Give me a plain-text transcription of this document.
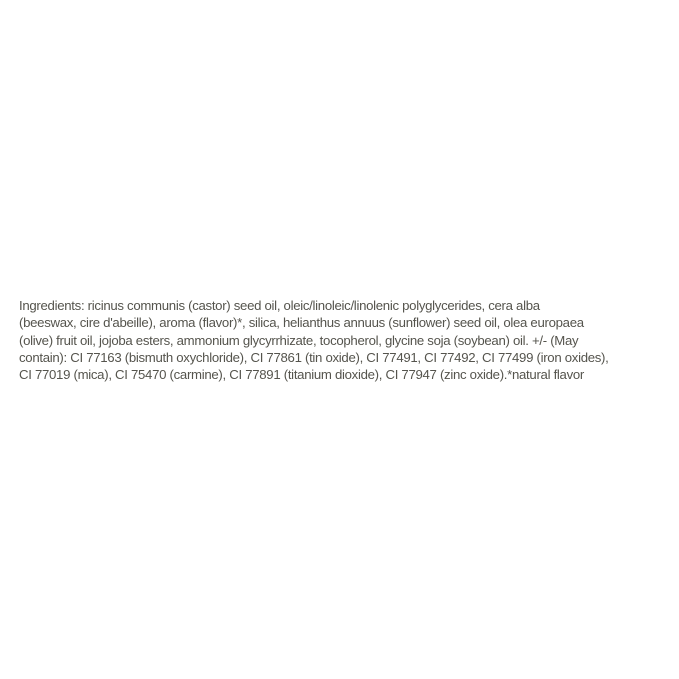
Ingredients: ricinus communis (castor) seed oil, oleic/linoleic/linolenic polyglycerides, cera alba
(beeswax, cire d'abeille), aroma (flavor)*, silica, helianthus annuus (sunflower) seed oil, olea europaea
(olive) fruit oil, jojoba esters, ammonium glycyrrhizate, tocopherol, glycine soja (soybean) oil. +/- (May
contain): CI 77163 (bismuth oxychloride), CI 77861 (tin oxide), CI 77491, CI 77492, CI 77499 (iron oxides),
CI 77019 (mica), CI 75470 (carmine), CI 77891 (titanium dioxide), CI 77947 (zinc oxide).*natural flavor
